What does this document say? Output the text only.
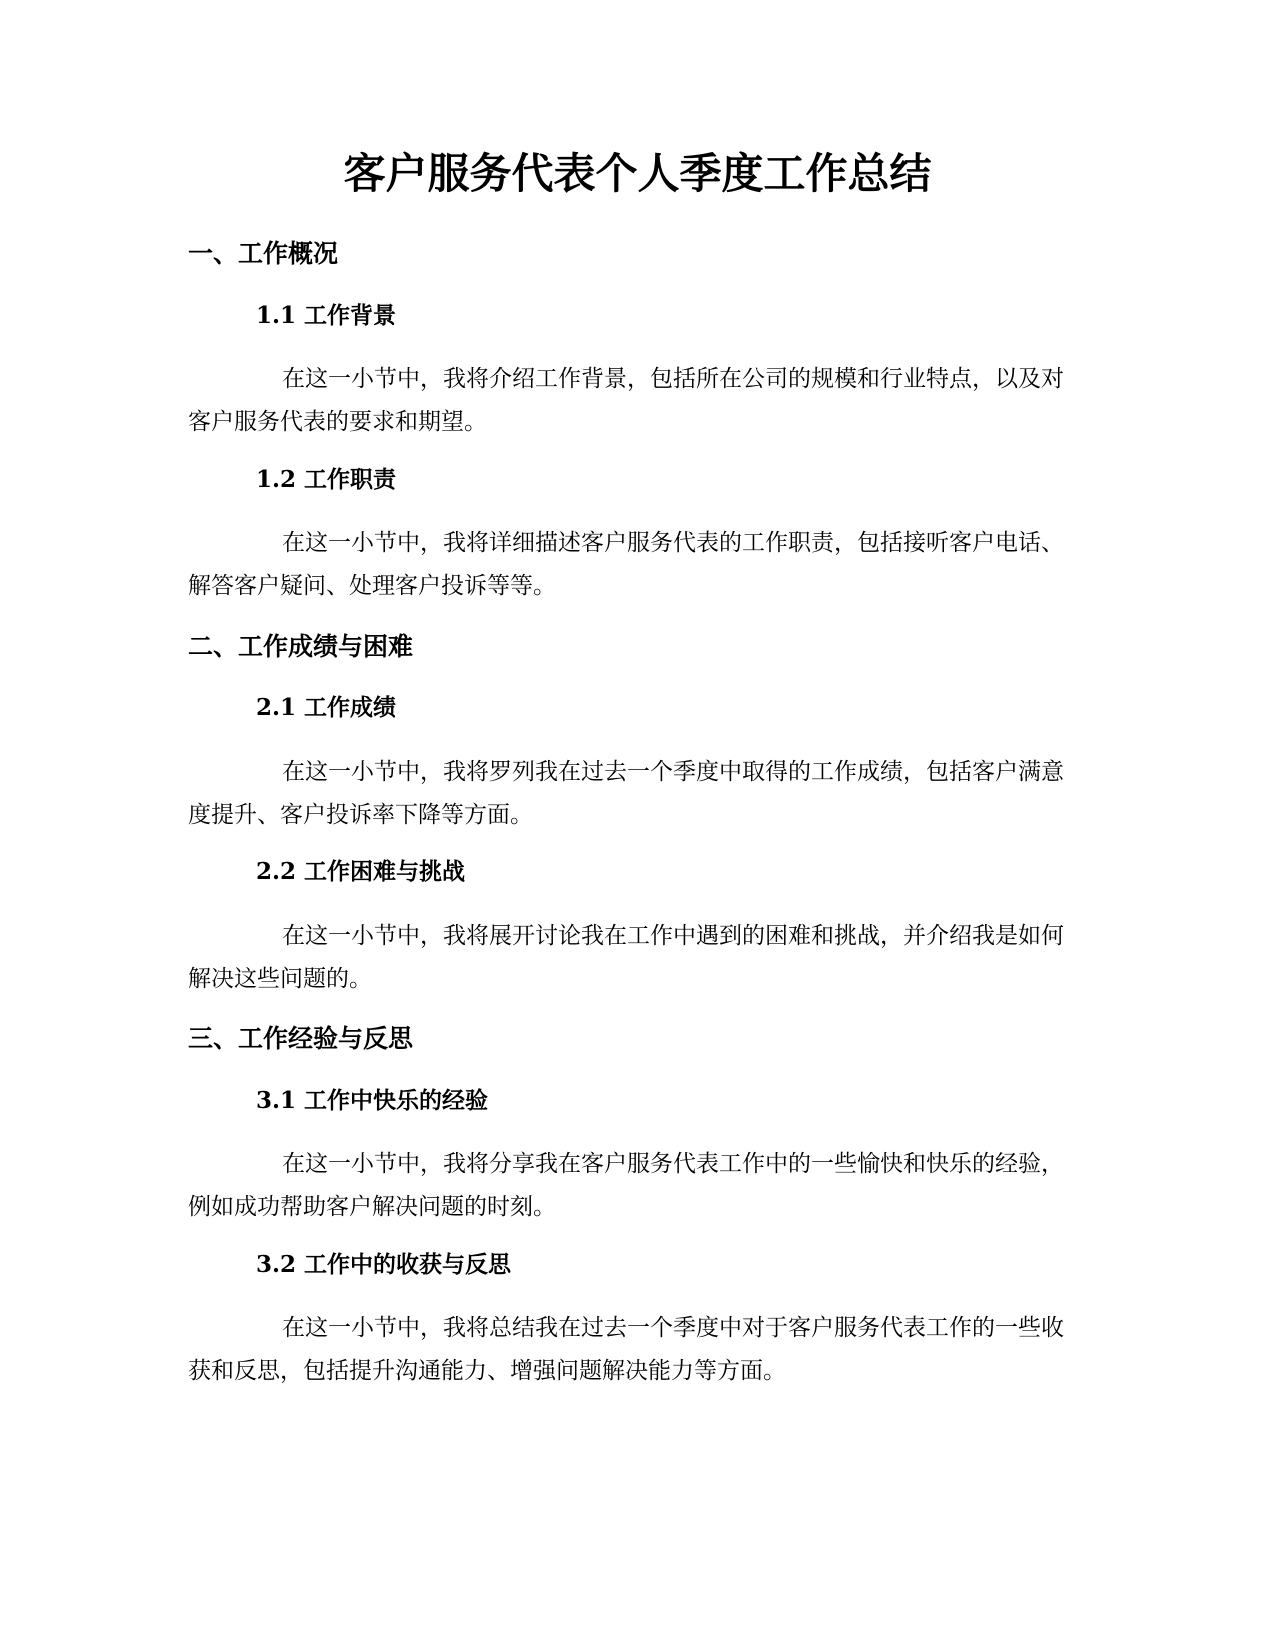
客户服务代表个人季度工作总结
一、工作概况
1.1 工作背景

在这一小节中，我将介绍工作背景，包括所在公司的规模和行业特点，以及对客户服务代表的要求和期望。

1.2 工作职责

在这一小节中，我将详细描述客户服务代表的工作职责，包括接听客户电话、解答客户疑问、处理客户投诉等等。

二、工作成绩与困难
2.1 工作成绩

在这一小节中，我将罗列我在过去一个季度中取得的工作成绩，包括客户满意度提升、客户投诉率下降等方面。

2.2 工作困难与挑战

在这一小节中，我将展开讨论我在工作中遇到的困难和挑战，并介绍我是如何解决这些问题的。

三、工作经验与反思
3.1 工作中快乐的经验

在这一小节中，我将分享我在客户服务代表工作中的一些愉快和快乐的经验，例如成功帮助客户解决问题的时刻。

3.2 工作中的收获与反思

在这一小节中，我将总结我在过去一个季度中对于客户服务代表工作的一些收获和反思，包括提升沟通能力、增强问题解决能力等方面。
